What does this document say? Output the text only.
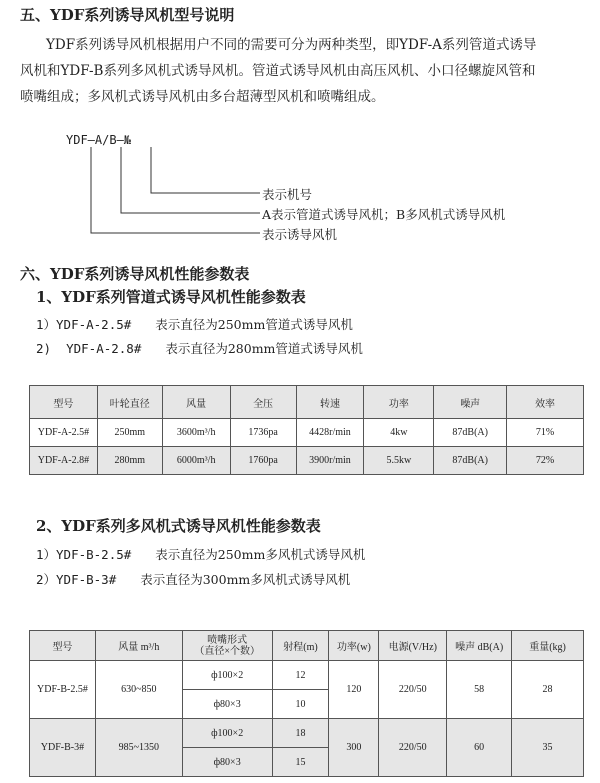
五、YDF系列诱导风机型号说明
YDF系列诱导风机根据用户不同的需要可分为两种类型，即YDF-A系列管道式诱导
风机和YDF-B系列多风机式诱导风机。管道式诱导风机由高压风机、小口径螺旋风管和
喷嘴组成；多风机式诱导风机由多台超薄型风机和喷嘴组成。
YDF—A/B—№
表示机号
A表示管道式诱导风机；B多风机式诱导风机
表示诱导风机
六、YDF系列诱导风机性能参数表
1、YDF系列管道式诱导风机性能参数表
1）YDF-A-2.5# 表示直径为250mm管道式诱导风机
2)  YDF-A-2.8# 表示直径为280mm管道式诱导风机
型号	叶轮直径	风量	全压	转速	功率	噪声	效率
YDF-A-2.5#	250mm	3600m³/h	1736pa	4428r/min	4kw	87dB(A)	71%
YDF-A-2.8#	280mm	6000m³/h	1760pa	3900r/min	5.5kw	87dB(A)	72%
2、YDF系列多风机式诱导风机性能参数表
1）YDF-B-2.5# 表示直径为250mm多风机式诱导风机
2）YDF-B-3# 表示直径为300mm多风机式诱导风机
型号	风量 m³/h	喷嘴形式
（直径×个数）	射程(m)	功率(w)	电源(V/Hz)	噪声 dB(A)	重量(kg)
YDF-B-2.5#	630~850	ф100×2	12	120	220/50	58	28
		ф80×3	10				
YDF-B-3#	985~1350	ф100×2	18	300	220/50	60	35
		ф80×3	15				
